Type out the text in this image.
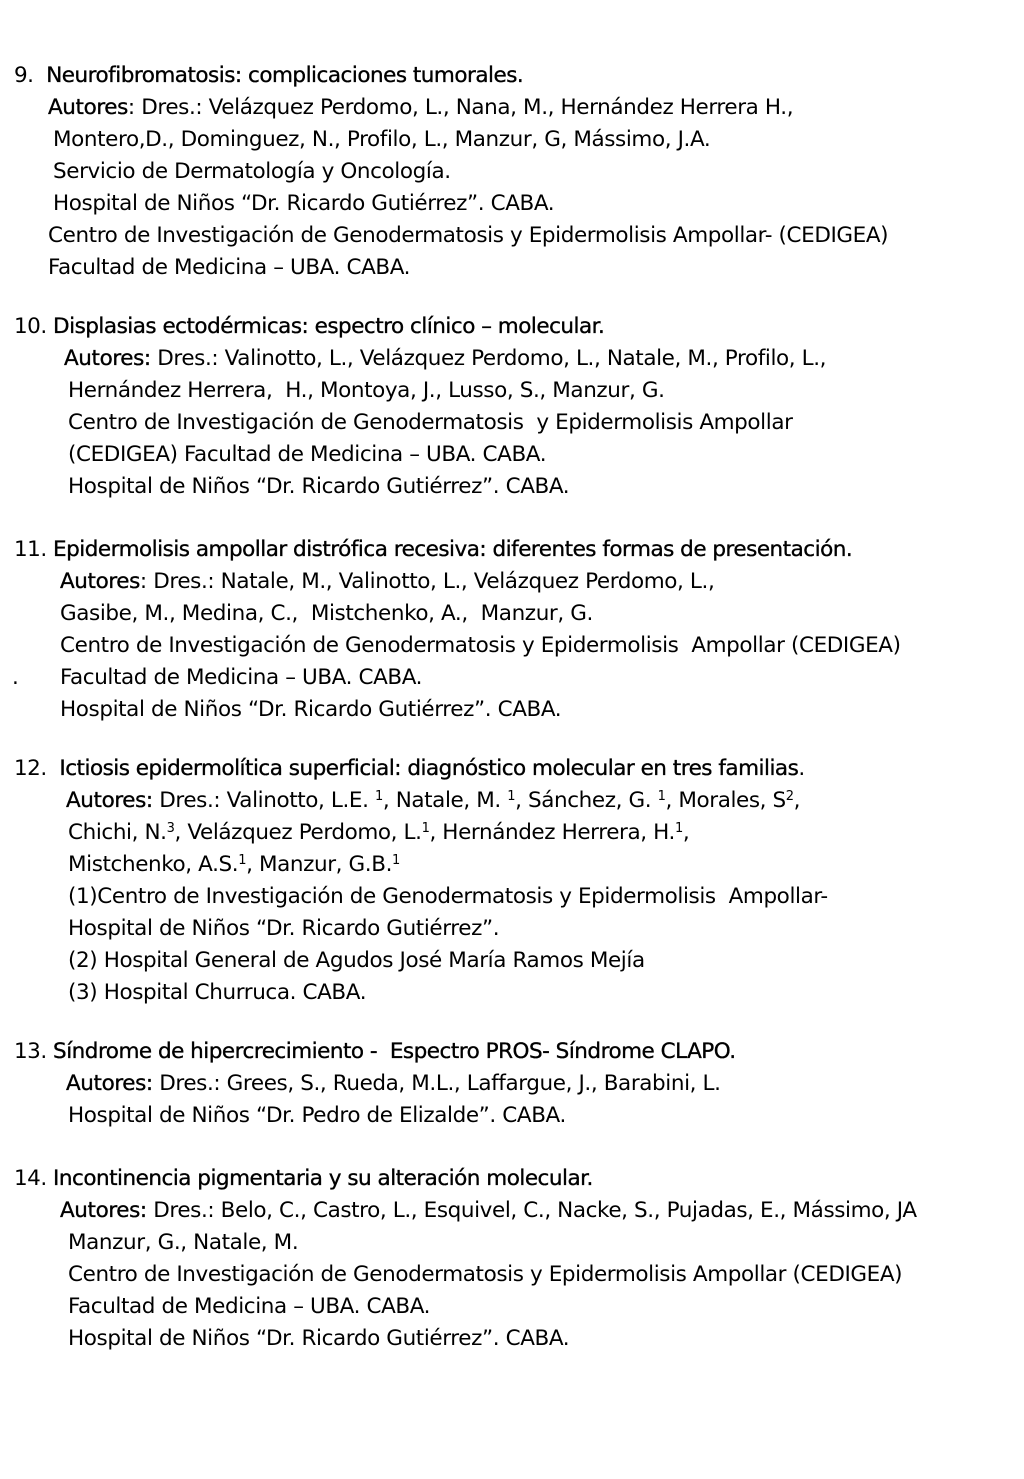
9. Neurofibromatosis: complicaciones tumorales.
Autores: Dres.: Velázquez Perdomo, L., Nana, M., Hernández Herrera H.,
Montero,D., Dominguez, N., Profilo, L., Manzur, G, Mássimo, J.A.
Servicio de Dermatología y Oncología.
Hospital de Niños “Dr. Ricardo Gutiérrez”. CABA.
Centro de Investigación de Genodermatosis y Epidermolisis Ampollar- (CEDIGEA)
Facultad de Medicina – UBA. CABA.
10. Displasias ectodérmicas: espectro clínico – molecular.
Autores: Dres.: Valinotto, L., Velázquez Perdomo, L., Natale, M., Profilo, L.,
Hernández Herrera,  H., Montoya, J., Lusso, S., Manzur, G.
Centro de Investigación de Genodermatosis  y Epidermolisis Ampollar
(CEDIGEA) Facultad de Medicina – UBA. CABA.
Hospital de Niños “Dr. Ricardo Gutiérrez”. CABA.
11. Epidermolisis ampollar distrófica recesiva: diferentes formas de presentación.
Autores: Dres.: Natale, M., Valinotto, L., Velázquez Perdomo, L.,
Gasibe, M., Medina, C.,  Mistchenko, A.,  Manzur, G.
Centro de Investigación de Genodermatosis y Epidermolisis  Ampollar (CEDIGEA)
. Facultad de Medicina – UBA. CABA.
Hospital de Niños “Dr. Ricardo Gutiérrez”. CABA.
12. Ictiosis epidermolítica superficial: diagnóstico molecular en tres familias.
Autores: Dres.: Valinotto, L.E. $^1$, Natale, M. $^1$, Sánchez, G. $^1$, Morales, $S^2$,
Chichi, N.$^3$, Velázquez Perdomo, L.$^1$, Hernández Herrera, H.$^1$,
Mistchenko, A.S.$^1$, Manzur, G.B.$^1$
(1)Centro de Investigación de Genodermatosis y Epidermolisis  Ampollar-
Hospital de Niños “Dr. Ricardo Gutiérrez”.
(2) Hospital General de Agudos José María Ramos Mejía
(3) Hospital Churruca. CABA.
13. Síndrome de hipercrecimiento -  Espectro PROS- Síndrome CLAPO.
Autores: Dres.: Grees, S., Rueda, M.L., Laffargue, J., Barabini, L.
Hospital de Niños “Dr. Pedro de Elizalde”. CABA.
14. Incontinencia pigmentaria y su alteración molecular.
Autores: Dres.: Belo, C., Castro, L., Esquivel, C., Nacke, S., Pujadas, E., Mássimo, JA
Manzur, G., Natale, M.
Centro de Investigación de Genodermatosis y Epidermolisis Ampollar (CEDIGEA)
Facultad de Medicina – UBA. CABA.
Hospital de Niños “Dr. Ricardo Gutiérrez”. CABA.
